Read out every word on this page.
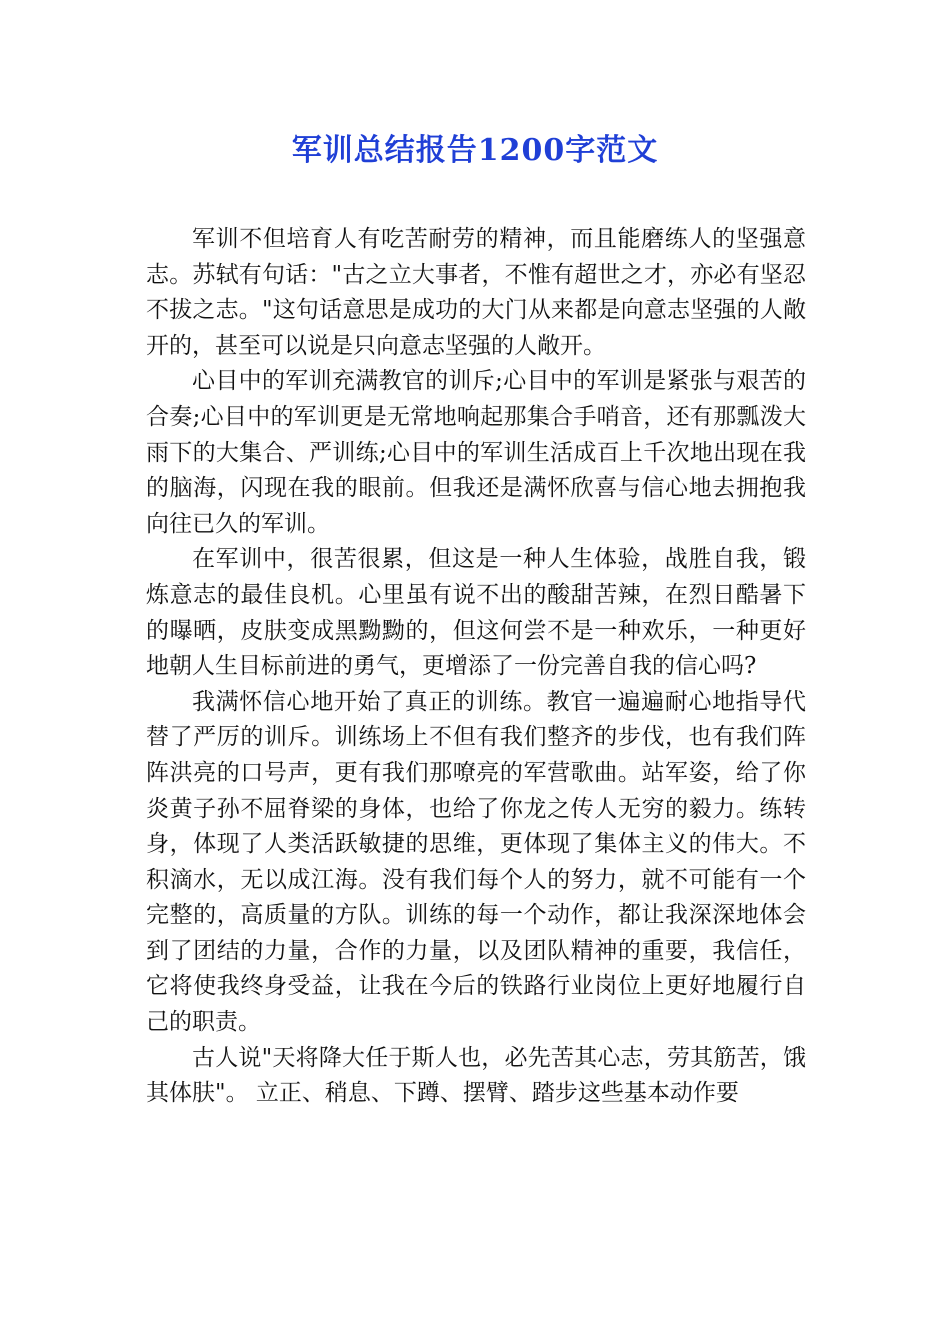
军训总结报告1200字范文

军训不但培育人有吃苦耐劳的精神，而且能磨练人的坚强意志。苏轼有句话："古之立大事者，不惟有超世之才，亦必有坚忍不拔之志。"这句话意思是成功的大门从来都是向意志坚强的人敞开的，甚至可以说是只向意志坚强的人敞开。

心目中的军训充满教官的训斥;心目中的军训是紧张与艰苦的合奏;心目中的军训更是无常地响起那集合手哨音，还有那瓢泼大雨下的大集合、严训练;心目中的军训生活成百上千次地出现在我的脑海，闪现在我的眼前。但我还是满怀欣喜与信心地去拥抱我向往已久的军训。

在军训中，很苦很累，但这是一种人生体验，战胜自我，锻炼意志的最佳良机。心里虽有说不出的酸甜苦辣，在烈日酷暑下的曝晒，皮肤变成黑黝黝的，但这何尝不是一种欢乐，一种更好地朝人生目标前进的勇气，更增添了一份完善自我的信心吗?

我满怀信心地开始了真正的训练。教官一遍遍耐心地指导代替了严厉的训斥。训练场上不但有我们整齐的步伐，也有我们阵阵洪亮的口号声，更有我们那嘹亮的军营歌曲。站军姿，给了你炎黄子孙不屈脊梁的身体，也给了你龙之传人无穷的毅力。练转身，体现了人类活跃敏捷的思维，更体现了集体主义的伟大。不积滴水，无以成江海。没有我们每个人的努力，就不可能有一个完整的，高质量的方队。训练的每一个动作，都让我深深地体会到了团结的力量，合作的力量，以及团队精神的重要，我信任，它将使我终身受益，让我在今后的铁路行业岗位上更好地履行自己的职责。

古人说"天将降大任于斯人也，必先苦其心志，劳其筋苦，饿其体肤"。 立正、稍息、下蹲、摆臂、踏步这些基本动作要
